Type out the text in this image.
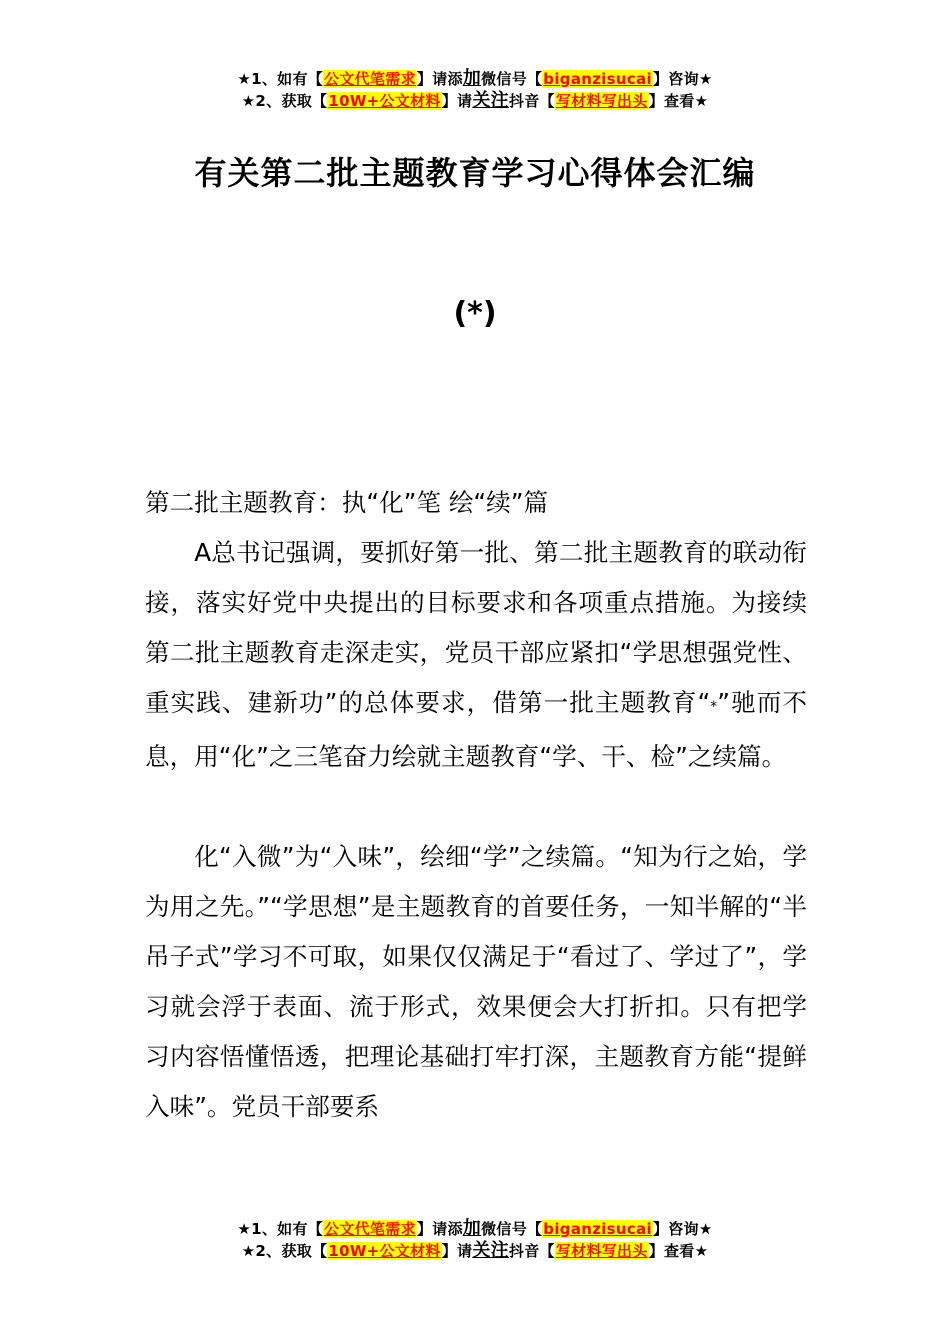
★1、如有【公文代笔需求】请添加微信号【biganzisucai】咨询★
★2、获取【10W+公文材料】请关注抖音【写材料写出头】查看★
有关第二批主题教育学习心得体会汇编
(*)
第二批主题教育：执“化”笔 绘“续”篇

A总书记强调，要抓好第一批、第二批主题教育的联动衔接，落实好党中央提出的目标要求和各项重点措施。为接续第二批主题教育走深走实，党员干部应紧扣“学思想强党性、重实践、建新功”的总体要求，借第一批主题教育“*”驰而不息，用“化”之三笔奋力绘就主题教育“学、干、检”之续篇。

化“入微”为“入味”，绘细“学”之续篇。“知为行之始，学为用之先。”“学思想”是主题教育的首要任务，一知半解的“半吊子式”学习不可取，如果仅仅满足于“看过了、学过了”，学习就会浮于表面、流于形式，效果便会大打折扣。只有把学习内容悟懂悟透，把理论基础打牢打深，主题教育方能“提鲜入味”。党员干部要系

★1、如有【公文代笔需求】请添加微信号【biganzisucai】咨询★
★2、获取【10W+公文材料】请关注抖音【写材料写出头】查看★
